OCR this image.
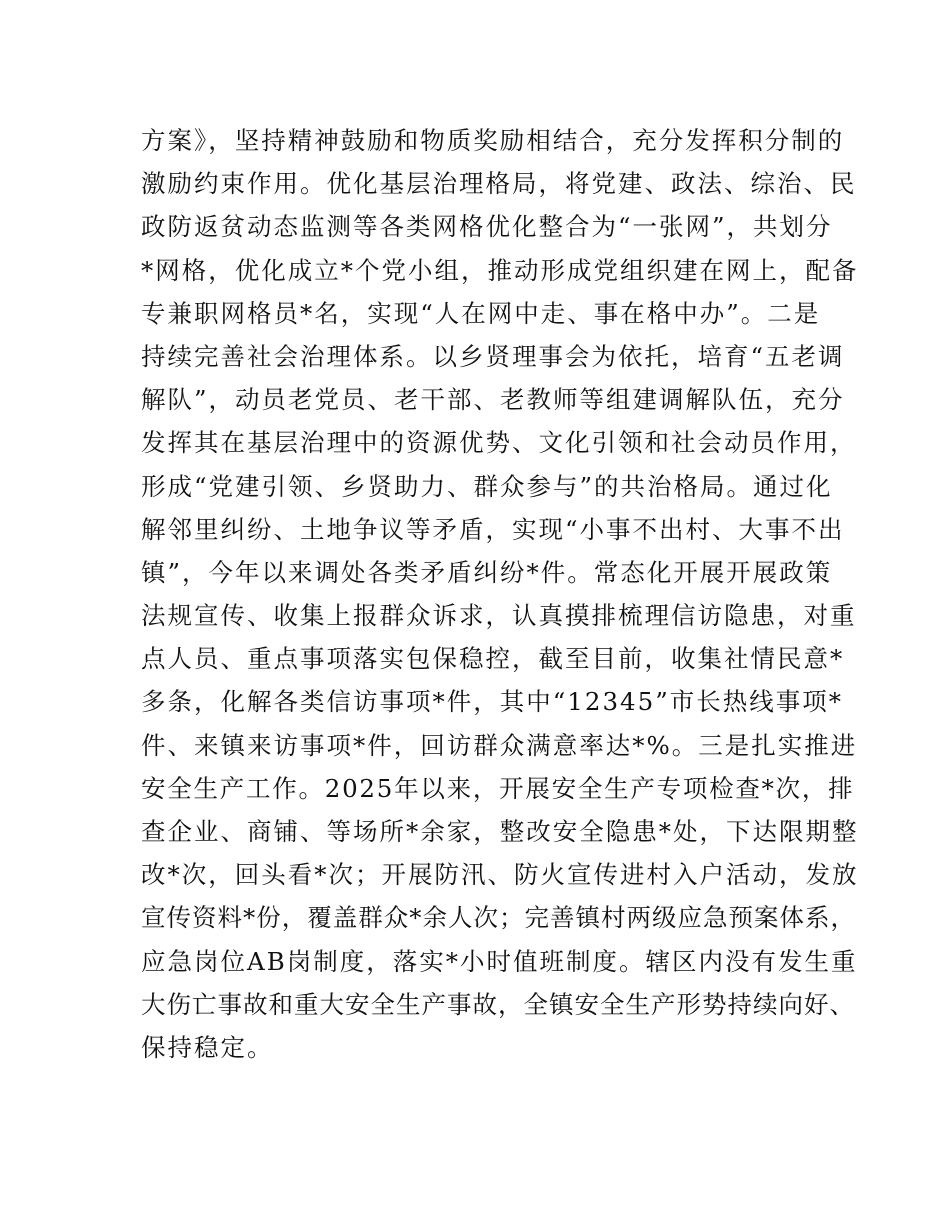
方案》，坚持精神鼓励和物质奖励相结合，充分发挥积分制的
激励约束作用。优化基层治理格局，将党建、政法、综治、民
政防返贫动态监测等各类网格优化整合为“一张网”，共划分
*网格，优化成立*个党小组，推动形成党组织建在网上，配备
专兼职网格员*名，实现“人在网中走、事在格中办”。二是
持续完善社会治理体系。以乡贤理事会为依托，培育“五老调
解队”，动员老党员、老干部、老教师等组建调解队伍，充分
发挥其在基层治理中的资源优势、文化引领和社会动员作用，
形成“党建引领、乡贤助力、群众参与”的共治格局。通过化
解邻里纠纷、土地争议等矛盾，实现“小事不出村、大事不出
镇”，今年以来调处各类矛盾纠纷*件。常态化开展开展政策
法规宣传、收集上报群众诉求，认真摸排梳理信访隐患，对重
点人员、重点事项落实包保稳控，截至目前，收集社情民意*
多条，化解各类信访事项*件，其中“12345”市长热线事项*
件、来镇来访事项*件，回访群众满意率达*%。三是扎实推进
安全生产工作。2025年以来，开展安全生产专项检查*次，排
查企业、商铺、等场所*余家，整改安全隐患*处，下达限期整
改*次，回头看*次；开展防汛、防火宣传进村入户活动，发放
宣传资料*份，覆盖群众*余人次；完善镇村两级应急预案体系，
应急岗位AB岗制度，落实*小时值班制度。辖区内没有发生重
大伤亡事故和重大安全生产事故，全镇安全生产形势持续向好、
保持稳定。
